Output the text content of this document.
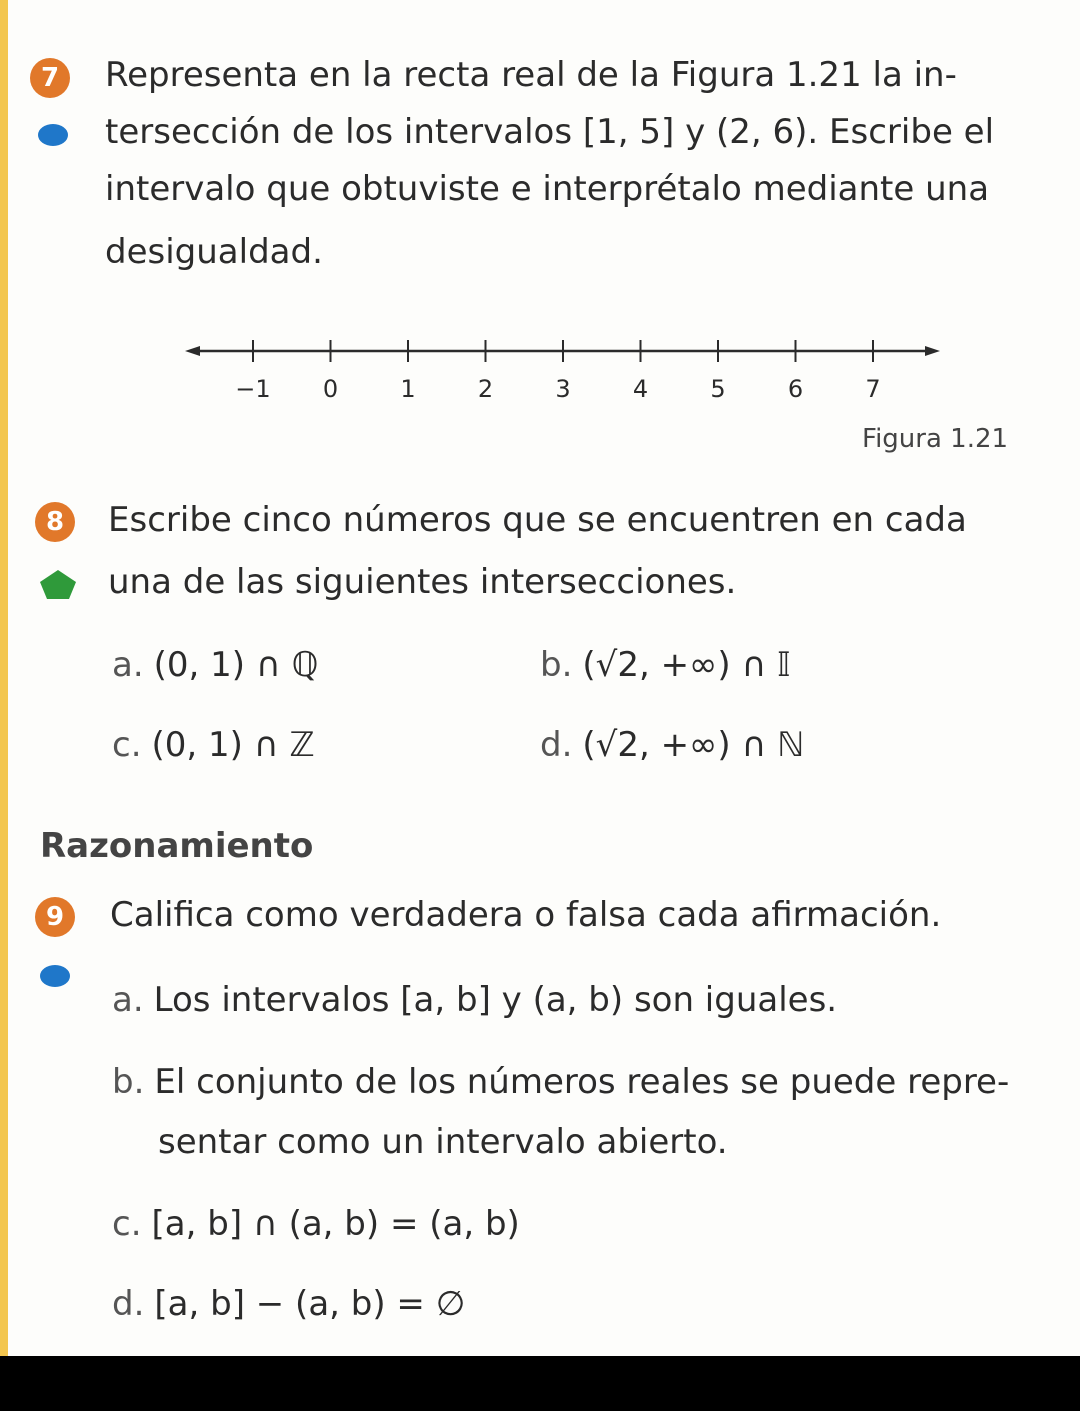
7	Representa en la recta real de la Figura 1.21 la in-
tersección de los intervalos [1, 5] y (2, 6). Escribe el
intervalo que obtuviste e interprétalo mediante una
desigualdad.
−1 0	1	2	3	4	5	6	7
Figura 1.21
8	Escribe cinco números que se encuentren en cada
una de las siguientes intersecciones.
a. (0, 1) ∩ ℚ	b. (√2, +∞) ∩ 𝕀
c. (0, 1) ∩ ℤ	d. (√2, +∞) ∩ ℕ
Razonamiento
9	Califica como verdadera o falsa cada afirmación.
a. Los intervalos [a, b] y (a, b) son iguales.
b. El conjunto de los números reales se puede repre-
sentar como un intervalo abierto.
c. [a, b] ∩ (a, b) = (a, b)
d. [a, b] − (a, b) = ∅
